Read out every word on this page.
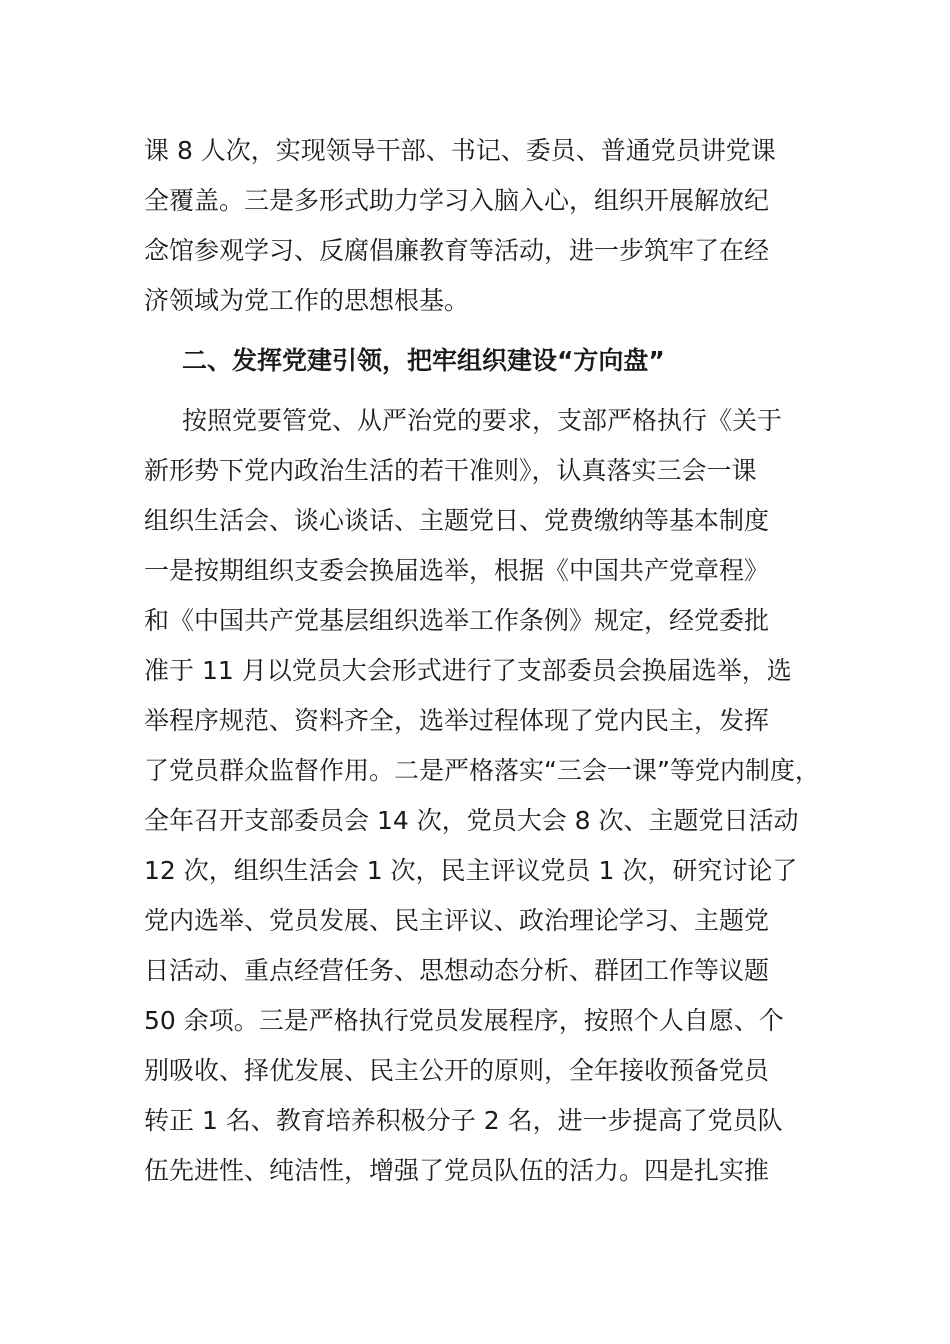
课 8 人次，实现领导干部、书记、委员、普通党员讲党课
全覆盖。三是多形式助力学习入脑入心，组织开展解放纪
念馆参观学习、反腐倡廉教育等活动，进一步筑牢了在经
济领域为党工作的思想根基。
二、发挥党建引领，把牢组织建设“方向盘”
按照党要管党、从严治党的要求，支部严格执行《关于
新形势下党内政治生活的若干准则》，认真落实三会一课
组织生活会、谈心谈话、主题党日、党费缴纳等基本制度
一是按期组织支委会换届选举，根据《中国共产党章程》
和《中国共产党基层组织选举工作条例》规定，经党委批
准于 11 月以党员大会形式进行了支部委员会换届选举，选
举程序规范、资料齐全，选举过程体现了党内民主，发挥
了党员群众监督作用。二是严格落实“三会一课”等党内制度，
全年召开支部委员会 14 次，党员大会 8 次、主题党日活动
12 次，组织生活会 1 次，民主评议党员 1 次，研究讨论了
党内选举、党员发展、民主评议、政治理论学习、主题党
日活动、重点经营任务、思想动态分析、群团工作等议题
50 余项。三是严格执行党员发展程序，按照个人自愿、个
别吸收、择优发展、民主公开的原则，全年接收预备党员
转正 1 名、教育培养积极分子 2 名，进一步提高了党员队
伍先进性、纯洁性，增强了党员队伍的活力。四是扎实推
